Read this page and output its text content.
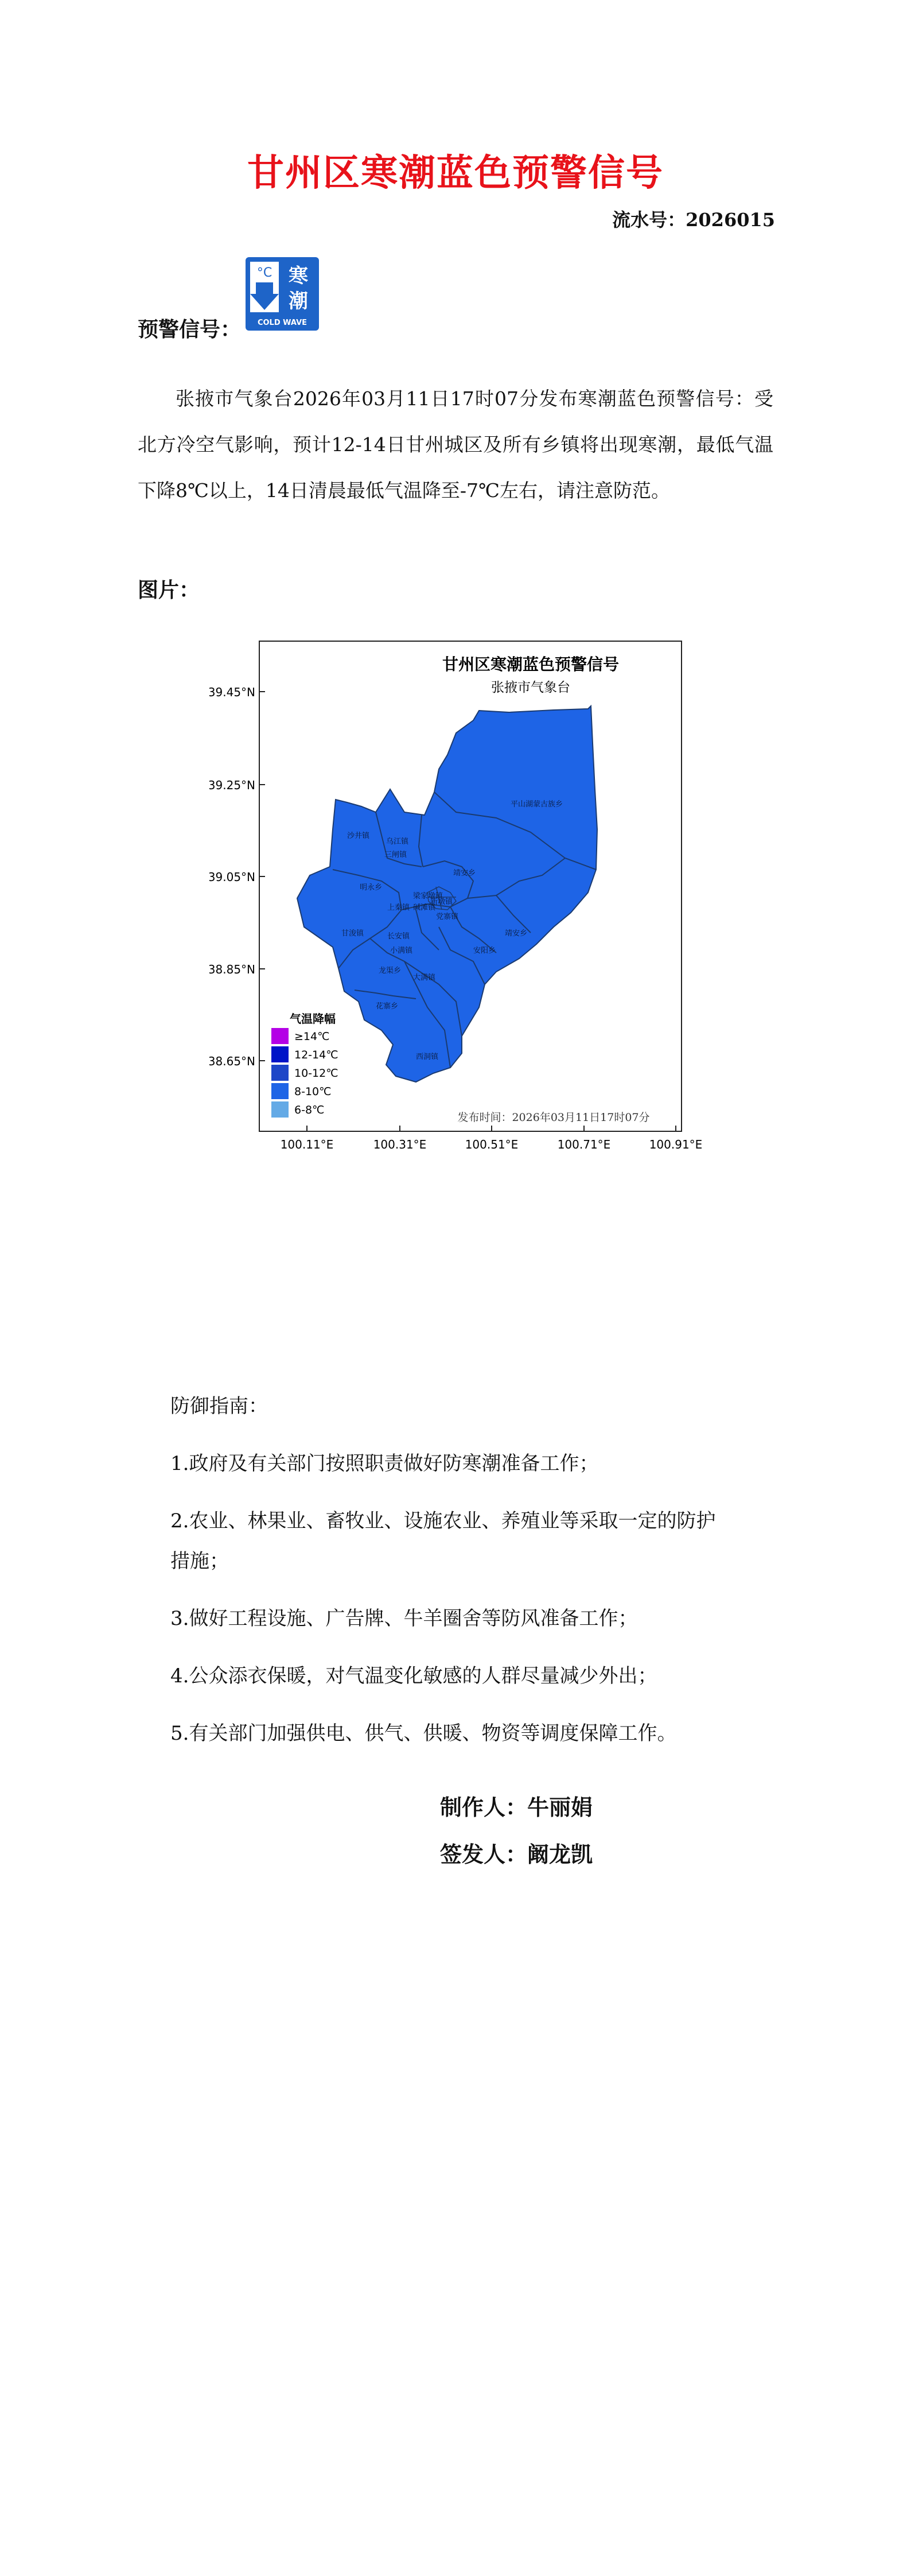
甘州区寒潮蓝色预警信号
流水号：2026015
预警信号：
°C 寒
潮
COLD WAVE
张掖市气象台2026年03月11日17时07分发布寒潮蓝色预警信号：受北方冷空气影响，预计12-14日甘州城区及所有乡镇将出现寒潮，最低气温下降8℃以上，14日清晨最低气温降至-7℃左右，请注意防范。
图片：
39.45°N
39.25°N
39.05°N
38.85°N
38.65°N
100.11°E	100.31°E	100.51°E	100.71°E	100.91°E
甘州区寒潮蓝色预警信号
张掖市气象台
平山湖蒙古族乡
沙井镇
乌江镇
三闸镇
靖安乡
明永乡
碱滩镇
党寨镇
甘浚镇
梁家墩镇
上秦镇
长安镇
新墩镇
小满镇
龙渠乡
安阳乡
花寨乡
大满镇
西洞镇
靖安乡
气温降幅
≥14℃
12-14℃
10-12℃
8-10℃
6-8℃
发布时间：2026年03月11日17时07分
防御指南：
1.政府及有关部门按照职责做好防寒潮准备工作；
2.农业、林果业、畜牧业、设施农业、养殖业等采取一定的防护
措施；
3.做好工程设施、广告牌、牛羊圈舍等防风准备工作；
4.公众添衣保暖，对气温变化敏感的人群尽量减少外出；
5.有关部门加强供电、供气、供暖、物资等调度保障工作。
制作人：牛丽娟
签发人：阚龙凯
